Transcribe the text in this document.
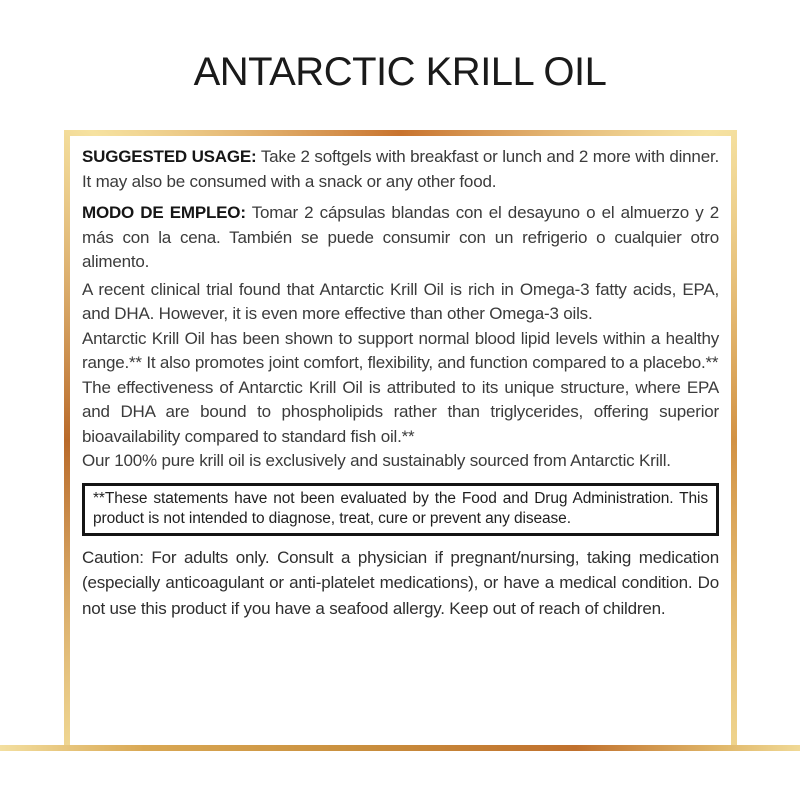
ANTARCTIC KRILL OIL

SUGGESTED USAGE: Take 2 softgels with breakfast or lunch and 2 more with dinner. It may also be consumed with a snack or any other food.

MODO DE EMPLEO: Tomar 2 cápsulas blandas con el desayuno o el almuerzo y 2 más con la cena. También se puede consumir con un refrigerio o cualquier otro alimento.

A recent clinical trial found that Antarctic Krill Oil is rich in Omega-3 fatty acids, EPA, and DHA. However, it is even more effective than other Omega-3 oils.

Antarctic Krill Oil has been shown to support normal blood lipid levels within a healthy range.** It also promotes joint comfort, flexibility, and function compared to a placebo.**

The effectiveness of Antarctic Krill Oil is attributed to its unique structure, where EPA and DHA are bound to phospholipids rather than triglycerides, offering superior bioavailability compared to standard fish oil.**

Our 100% pure krill oil is exclusively and sustainably sourced from Antarctic Krill.

**These statements have not been evaluated by the Food and Drug Administration. This product is not intended to diagnose, treat, cure or prevent any disease.

Caution: For adults only. Consult a physician if pregnant/nursing, taking medication (especially anticoagulant or anti-platelet medications), or have a medical condition. Do not use this product if you have a seafood allergy. Keep out of reach of children.
